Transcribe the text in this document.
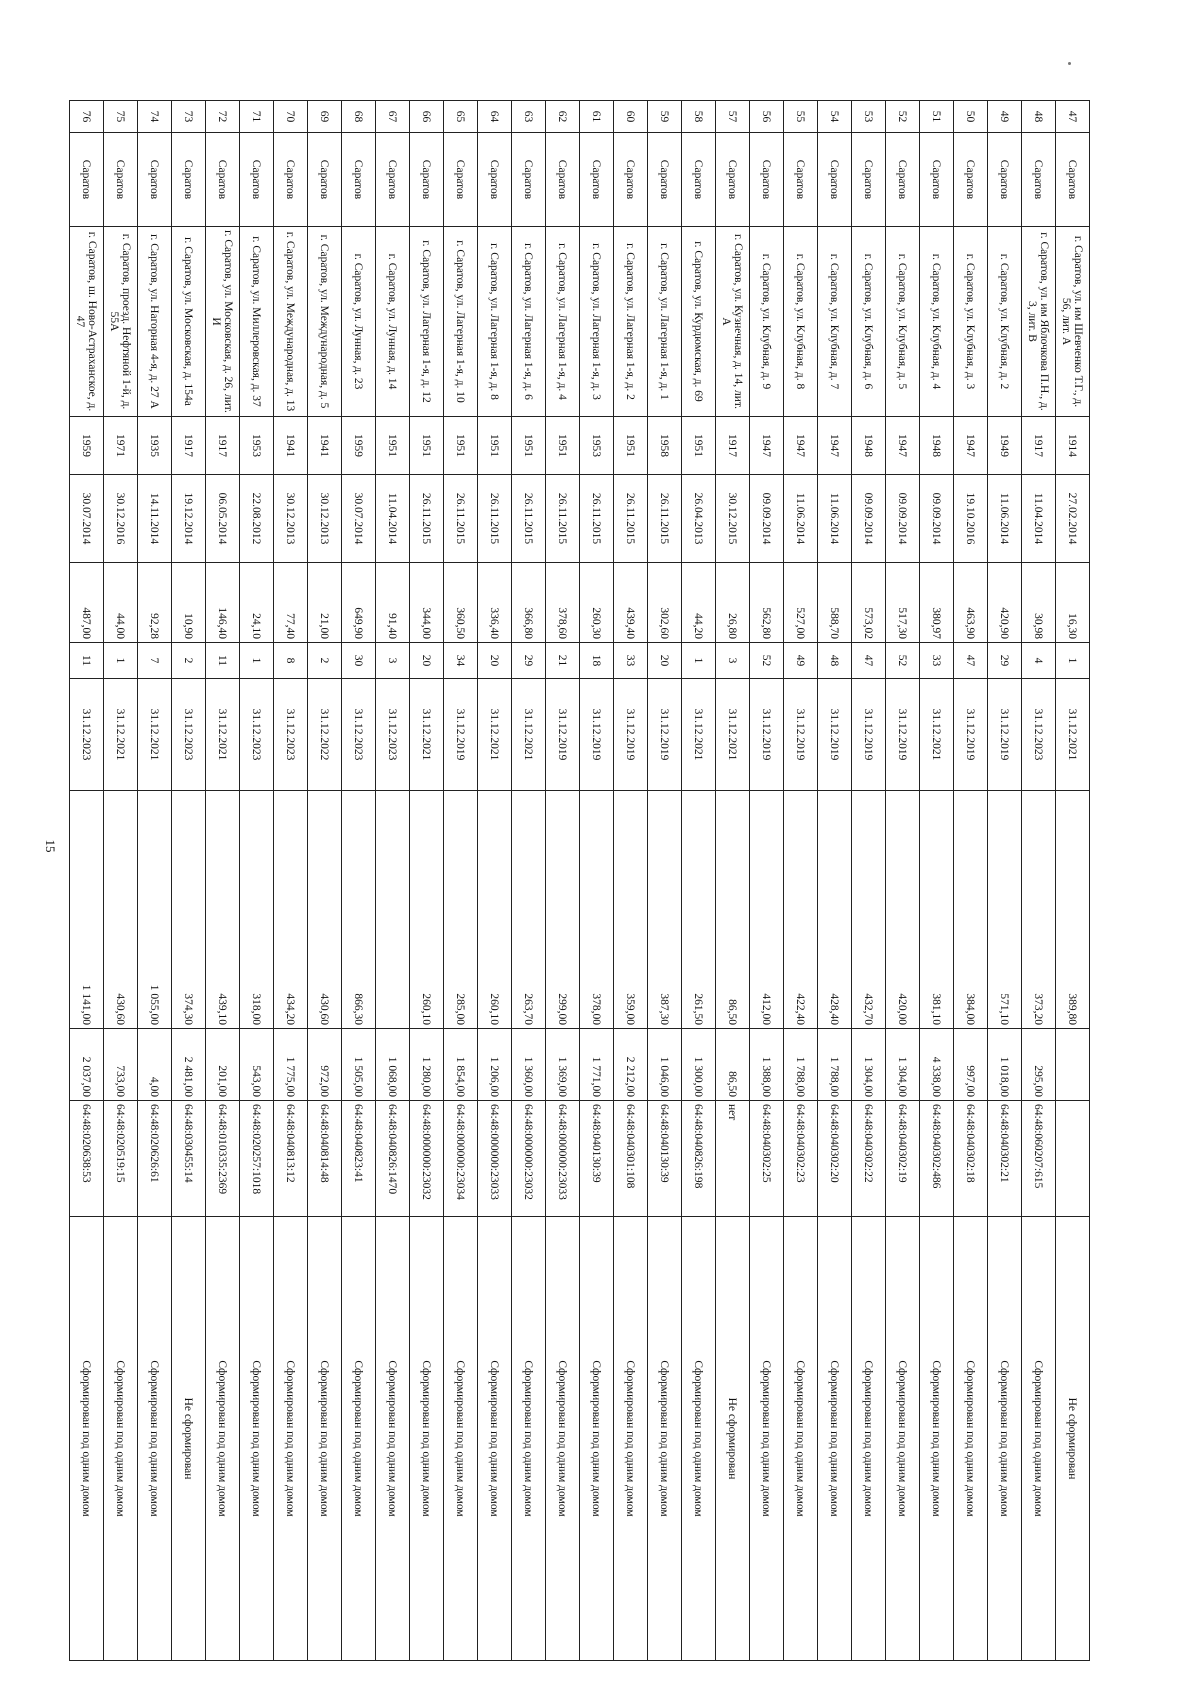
15
47	Саратов	г. Саратов, ул. им Шевченко Т.Г., д. 56, лит. А	1914	27.02.2014	16,30	1	31.12.2021	389,80			Не сформирован
48	Саратов	г. Саратов, ул. им Яблочкова П.Н., д. 3, лит. В	1917	11.04.2014	30,98	4	31.12.2023	373,20	295,00	64:48:060207:615	Сформирован под одним домом
49	Саратов	г. Саратов, ул. Клубная, д. 2	1949	11.06.2014	420,90	29	31.12.2019	571,10	1 018,00	64:48:040302:21	Сформирован под одним домом
50	Саратов	г. Саратов, ул. Клубная, д. 3	1947	19.10.2016	463,90	47	31.12.2019	384,00	997,00	64:48:040302:18	Сформирован под одним домом
51	Саратов	г. Саратов, ул. Клубная, д. 4	1948	09.09.2014	380,97	33	31.12.2021	381,10	4 338,00	64:48:040302:486	Сформирован под одним домом
52	Саратов	г. Саратов, ул. Клубная, д. 5	1947	09.09.2014	517,30	52	31.12.2019	420,00	1 304,00	64:48:040302:19	Сформирован под одним домом
53	Саратов	г. Саратов, ул. Клубная, д. 6	1948	09.09.2014	573,02	47	31.12.2019	432,70	1 304,00	64:48:040302:22	Сформирован под одним домом
54	Саратов	г. Саратов, ул. Клубная, д. 7	1947	11.06.2014	588,70	48	31.12.2019	428,40	1 788,00	64:48:040302:20	Сформирован под одним домом
55	Саратов	г. Саратов, ул. Клубная, д. 8	1947	11.06.2014	527,00	49	31.12.2019	422,40	1 788,00	64:48:040302:23	Сформирован под одним домом
56	Саратов	г. Саратов, ул. Клубная, д. 9	1947	09.09.2014	562,80	52	31.12.2019	412,00	1 388,00	64:48:040302:25	Сформирован под одним домом
57	Саратов	г. Саратов, ул. Кузнечная, д. 14, лит. А	1917	30.12.2015	26,80	3	31.12.2021	86,50	86,50	нет	Не сформирован
58	Саратов	г. Саратов, ул. Курдюмская, д. 69	1951	26.04.2013	44,20	1	31.12.2021	261,50	1 300,00	64:48:040826:198	Сформирован под одним домом
59	Саратов	г. Саратов, ул. Лагерная 1-я, д. 1	1958	26.11.2015	302,60	20	31.12.2019	387,30	1 046,00	64:48:040130:39	Сформирован под одним домом
60	Саратов	г. Саратов, ул. Лагерная 1-я, д. 2	1951	26.11.2015	439,40	33	31.12.2019	359,00	2 212,00	64:48:040301:108	Сформирован под одним домом
61	Саратов	г. Саратов, ул. Лагерная 1-я, д. 3	1953	26.11.2015	260,30	18	31.12.2019	378,00	1 771,00	64:48:040130:39	Сформирован под одним домом
62	Саратов	г. Саратов, ул. Лагерная 1-я, д. 4	1951	26.11.2015	378,60	21	31.12.2019	299,00	1 369,00	64:48:000000:23033	Сформирован под одним домом
63	Саратов	г. Саратов, ул. Лагерная 1-я, д. 6	1951	26.11.2015	366,80	29	31.12.2021	263,70	1 360,00	64:48:000000:23032	Сформирован под одним домом
64	Саратов	г. Саратов, ул. Лагерная 1-я, д. 8	1951	26.11.2015	336,40	20	31.12.2021	260,10	1 206,00	64:48:000000:23033	Сформирован под одним домом
65	Саратов	г. Саратов, ул. Лагерная 1-я, д. 10	1951	26.11.2015	360,50	34	31.12.2019	285,00	1 854,00	64:48:000000:23034	Сформирован под одним домом
66	Саратов	г. Саратов, ул. Лагерная 1-я, д. 12	1951	26.11.2015	344,00	20	31.12.2021	260,10	1 280,00	64:48:000000:23032	Сформирован под одним домом
67	Саратов	г. Саратов, ул. Лунная, д. 14	1951	11.04.2014	91,40	3	31.12.2023		1 068,00	64:48:040826:1470	Сформирован под одним домом
68	Саратов	г. Саратов, ул. Лунная, д. 23	1959	30.07.2014	649,90	30	31.12.2023	866,30	1 505,00	64:48:040823:41	Сформирован под одним домом
69	Саратов	г. Саратов, ул. Международная, д. 5	1941	30.12.2013	21,00	2	31.12.2022	430,60	972,00	64:48:040814:48	Сформирован под одним домом
70	Саратов	г. Саратов, ул. Международная, д. 13	1941	30.12.2013	77,40	8	31.12.2023	434,20	1 775,00	64:48:040813:12	Сформирован под одним домом
71	Саратов	г. Саратов, ул. Миллеровская, д. 37	1953	22.08.2012	24,10	1	31.12.2023	318,00	543,00	64:48:020257:1018	Сформирован под одним домом
72	Саратов	г. Саратов, ул. Московская, д. 26, лит. И	1917	06.05.2014	146,40	11	31.12.2021	439,10	201,00	64:48:010335:2369	Сформирован под одним домом
73	Саратов	г. Саратов, ул. Московская, д. 154а	1917	19.12.2014	10,90	2	31.12.2023	374,30	2 481,00	64:48:030455:14	Не сформирован
74	Саратов	г. Саратов, ул. Нагорная 4-я, д. 27 А	1935	14.11.2014	92,28	7	31.12.2021	1 055,00	4,00	64:48:020626:61	Сформирован под одним домом
75	Саратов	г. Саратов, проезд. Нефтяной 1-й, д. 55А	1971	30.12.2016	44,00	1	31.12.2021	430,60	733,00	64:48:020519:15	Сформирован под одним домом
76	Саратов	г. Саратов, ш. Ново-Астраханское, д. 47	1959	30.07.2014	487,00	11	31.12.2023	1 141,00	2 037,00	64:48:020638:53	Сформирован под одним домом
